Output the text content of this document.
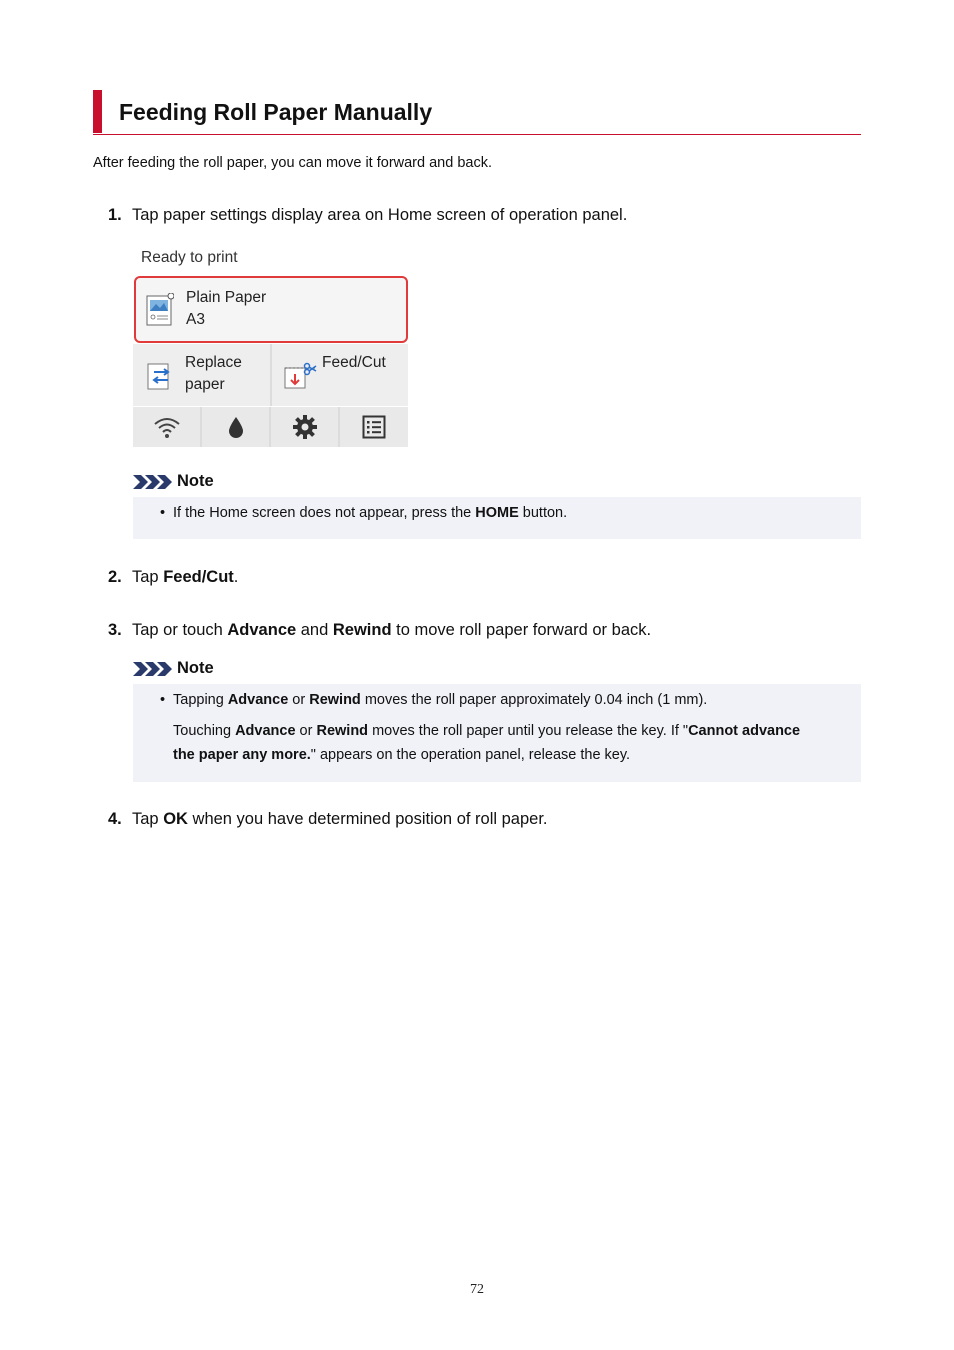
Feeding Roll Paper Manually
After feeding the roll paper, you can move it forward and back.
1. Tap paper settings display area on Home screen of operation panel.
Ready to print
Plain Paper
A3
Replace
paper
Feed/Cut
Note
• If the Home screen does not appear, press the HOME button.
2. Tap Feed/Cut.
3. Tap or touch Advance and Rewind to move roll paper forward or back.
Note
• Tapping Advance or Rewind moves the roll paper approximately 0.04 inch (1 mm).
Touching Advance or Rewind moves the roll paper until you release the key. If "Cannot advance
the paper any more." appears on the operation panel, release the key.
4. Tap OK when you have determined position of roll paper.
72
